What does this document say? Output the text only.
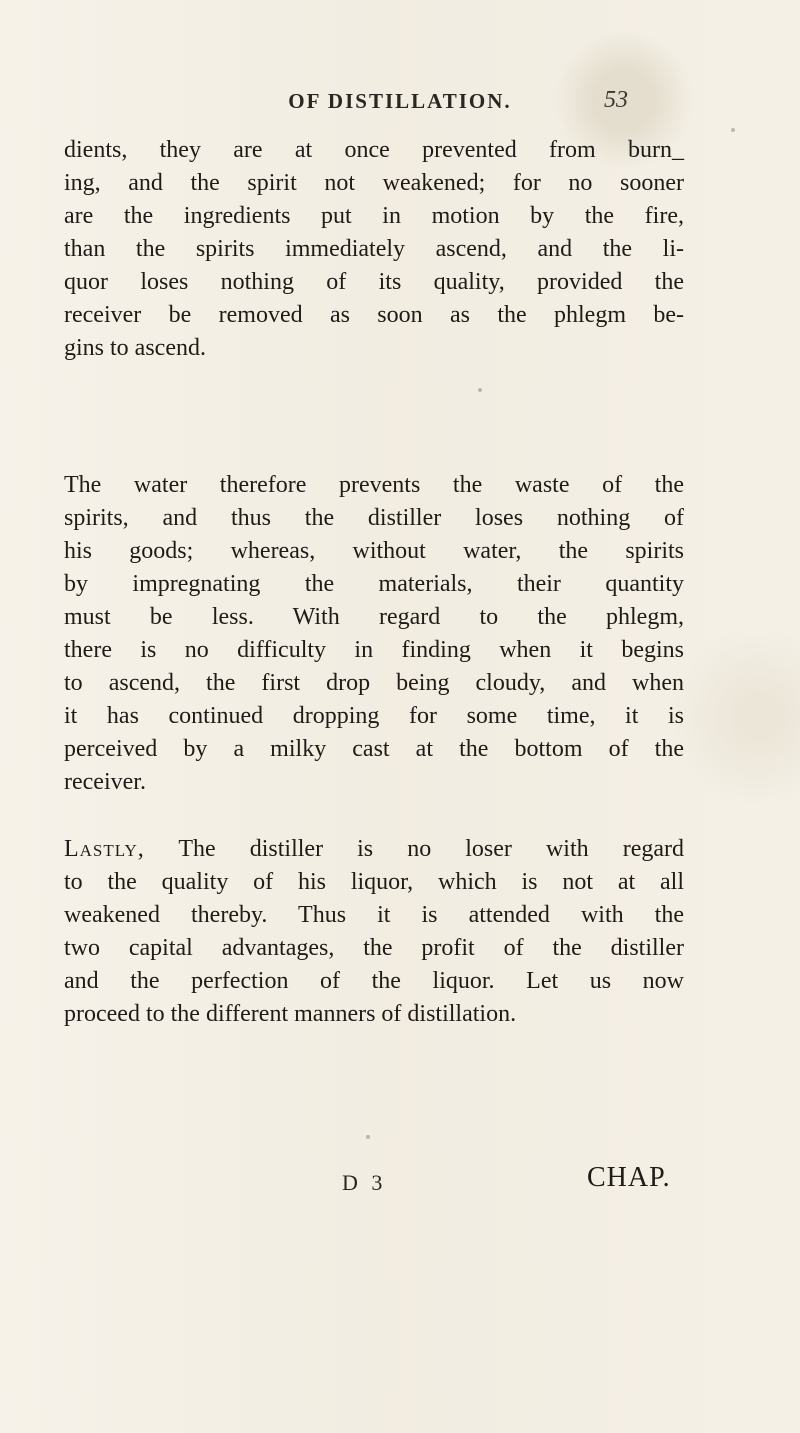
OF DISTILLATION.	53
dients, they are at once prevented from burn_
ing, and the spirit not weakened; for no sooner
are the ingredients put in motion by the fire,
than the spirits immediately ascend, and the li-
quor loses nothing of its quality, provided the
receiver be removed as soon as the phlegm be-
gins to ascend.
The water therefore prevents the waste of the
spirits, and thus the distiller loses nothing of
his goods; whereas, without water, the spirits
by impregnating the materials, their quantity
must be less. With regard to the phlegm,
there is no difficulty in finding when it begins
to ascend, the first drop being cloudy, and when
it has continued dropping for some time, it is
perceived by a milky cast at the bottom of the
receiver.
Lastly, The distiller is no loser with regard
to the quality of his liquor, which is not at all
weakened thereby. Thus it is attended with the
two capital advantages, the profit of the distiller
and the perfection of the liquor. Let us now
proceed to the different manners of distillation.
D 3	CHAP.
